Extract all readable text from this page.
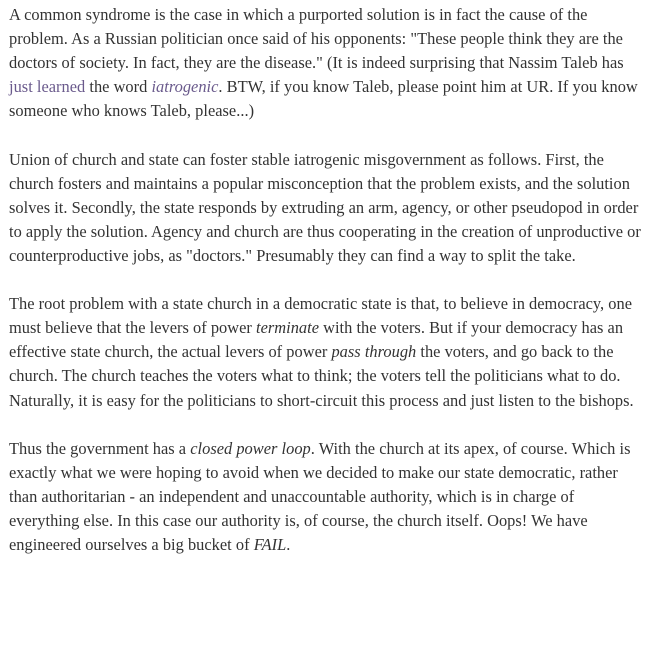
A common syndrome is the case in which a purported solution is in fact the cause of the problem. As a Russian politician once said of his opponents: "These people think they are the doctors of society. In fact, they are the disease." (It is indeed surprising that Nassim Taleb has just learned the word iatrogenic. BTW, if you know Taleb, please point him at UR. If you know someone who knows Taleb, please...)

Union of church and state can foster stable iatrogenic misgovernment as follows. First, the church fosters and maintains a popular misconception that the problem exists, and the solution solves it. Secondly, the state responds by extruding an arm, agency, or other pseudopod in order to apply the solution. Agency and church are thus cooperating in the creation of unproductive or counterproductive jobs, as "doctors." Presumably they can find a way to split the take.

The root problem with a state church in a democratic state is that, to believe in democracy, one must believe that the levers of power terminate with the voters. But if your democracy has an effective state church, the actual levers of power pass through the voters, and go back to the church. The church teaches the voters what to think; the voters tell the politicians what to do. Naturally, it is easy for the politicians to short-circuit this process and just listen to the bishops.

Thus the government has a closed power loop. With the church at its apex, of course. Which is exactly what we were hoping to avoid when we decided to make our state democratic, rather than authoritarian - an independent and unaccountable authority, which is in charge of everything else. In this case our authority is, of course, the church itself. Oops! We have engineered ourselves a big bucket of FAIL.
